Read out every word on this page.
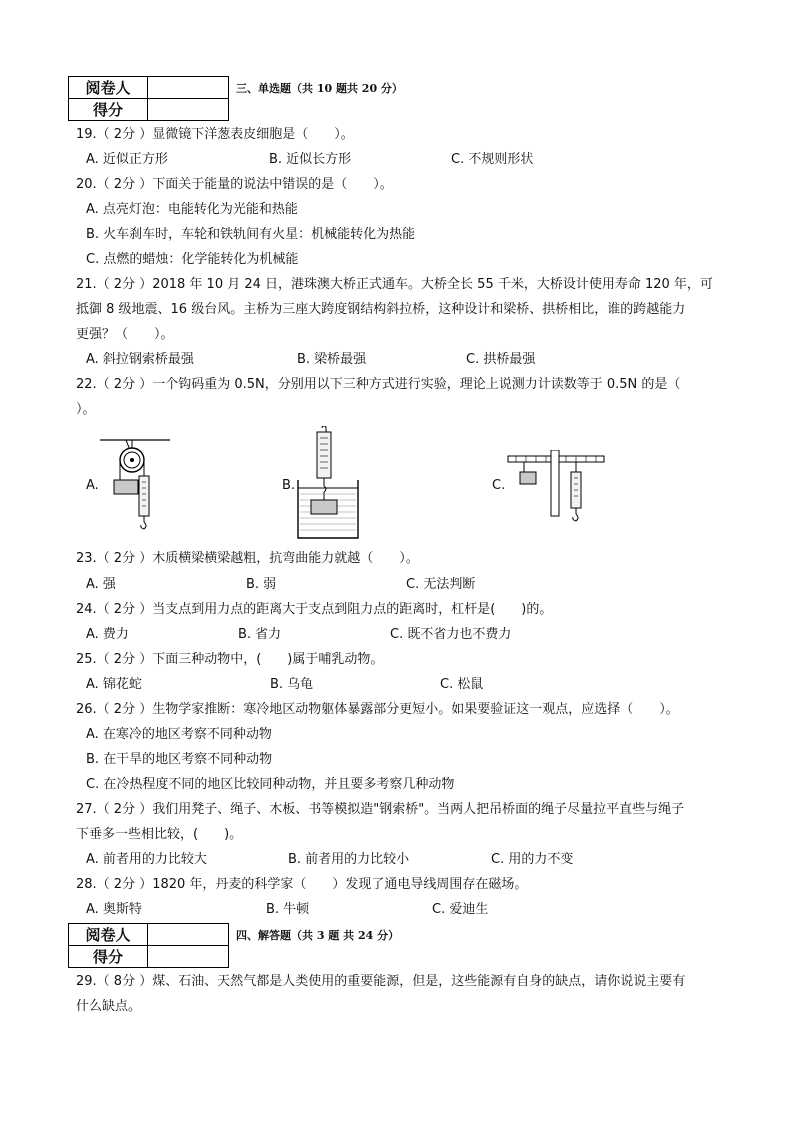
阅卷人	
得分	
三、单选题（共 10 题共 20 分）
19.（ 2分 ）显微镜下洋葱表皮细胞是（　　）。
A. 近似正方形	B. 近似长方形	C. 不规则形状
20.（ 2分 ）下面关于能量的说法中错误的是（　　）。
A. 点亮灯泡：电能转化为光能和热能
B. 火车刹车时，车轮和铁轨间有火星：机械能转化为热能
C. 点燃的蜡烛：化学能转化为机械能
21.（ 2分 ）2018 年 10 月 24 日，港珠澳大桥正式通车。大桥全长 55 千米，大桥设计使用寿命 120 年，可
抵御 8 级地震、16 级台风。主桥为三座大跨度钢结构斜拉桥，这种设计和梁桥、拱桥相比，谁的跨越能力
更强？（　　）。
A. 斜拉钢索桥最强	B. 梁桥最强	C. 拱桥最强
22.（ 2分 ）一个钩码重为 0.5N，分别用以下三种方式进行实验，理论上说测力计读数等于 0.5N 的是（
）。
A.	B.	C.
23.（ 2分 ）木质横梁横梁越粗，抗弯曲能力就越（　　）。
A. 强	B. 弱	C. 无法判断
24.（ 2分 ）当支点到用力点的距离大于支点到阻力点的距离时，杠杆是(　　)的。
A. 费力	B. 省力	C. 既不省力也不费力
25.（ 2分 ）下面三种动物中，(　　)属于哺乳动物。
A. 锦花蛇	B. 乌龟	C. 松鼠
26.（ 2分 ）生物学家推断：寒冷地区动物躯体暴露部分更短小。如果要验证这一观点，应选择（　　）。
A. 在寒冷的地区考察不同种动物
B. 在干旱的地区考察不同种动物
C. 在冷热程度不同的地区比较同种动物，并且要多考察几种动物
27.（ 2分 ）我们用凳子、绳子、木板、书等模拟造"钢索桥"。当两人把吊桥面的绳子尽量拉平直些与绳子
下垂多一些相比较，(　　)。
A. 前者用的力比较大	B. 前者用的力比较小	C. 用的力不变
28.（ 2分 ）1820 年，丹麦的科学家（　　）发现了通电导线周围存在磁场。
A. 奥斯特	B. 牛顿	C. 爱迪生
阅卷人	
得分	
四、解答题（共 3 题 共 24 分）
29.（ 8分 ）煤、石油、天然气都是人类使用的重要能源，但是，这些能源有自身的缺点，请你说说主要有
什么缺点。
